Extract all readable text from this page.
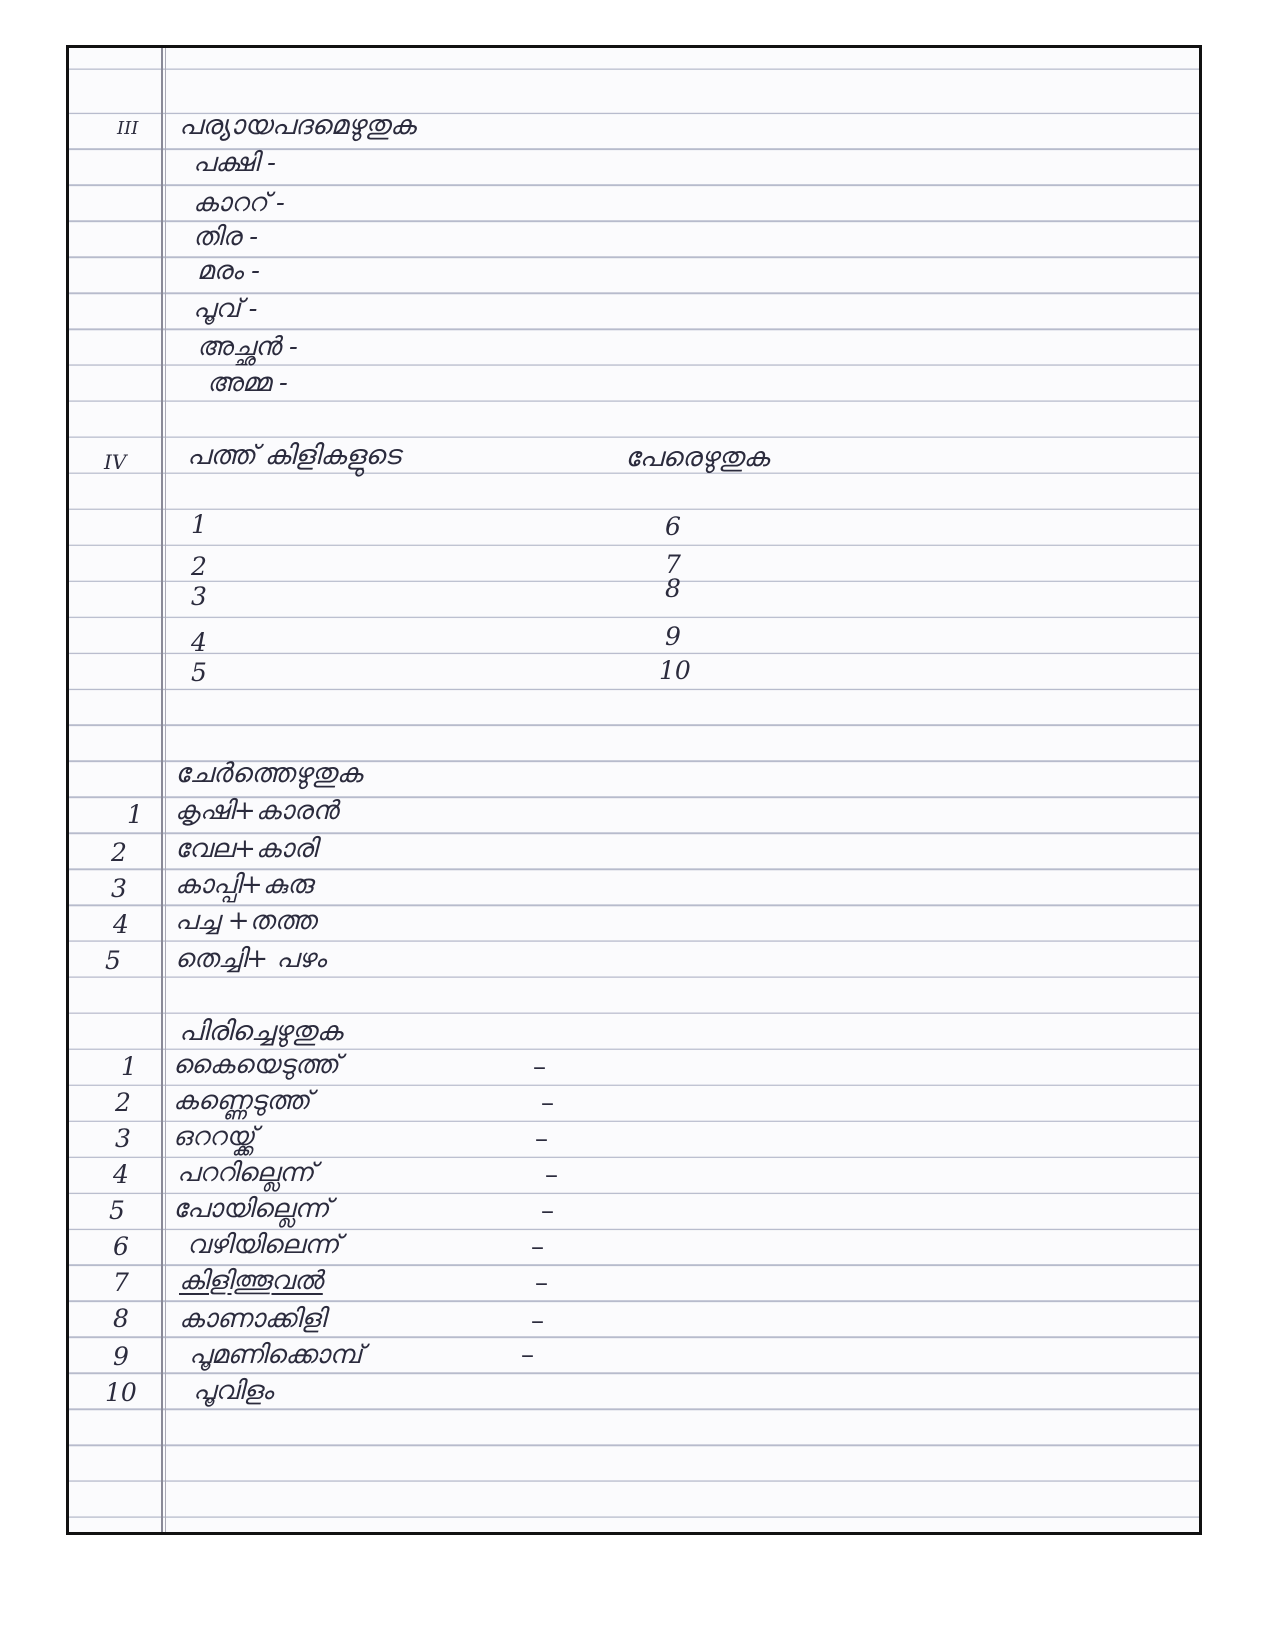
III പര്യായപദമെഴുതുക
പക്ഷി -
കാററ് -
തിര -
മരം -
പൂവ് -
അച്ഛൻ -
അമ്മ -
IV പത്ത് കിളികളുടെ	പേരെഴുതുക
1
2
3
4
5
6
7
8
9
10
ചേർത്തെഴുതുക
1
2
3
4
5
കൃഷി+കാരൻ
വേല+കാരി
കാപ്പി+കുരു
പച്ച +തത്ത
തെച്ചി+ പഴം
പിരിച്ചെഴുതുക
1
2
3
4
5
6
7
8
9
10
കൈയെടുത്ത്
കണ്ണെടുത്ത്
ഒററയ്ക്ക്
പററില്ലെന്ന്
പോയില്ലെന്ന്
വഴിയിലെന്ന്
കിളിത്തൂവൽ
കാണാക്കിളി
പൂമണിക്കൊമ്പ്
പൂവിളം
–
–
–
–
–
–
–
–
–
